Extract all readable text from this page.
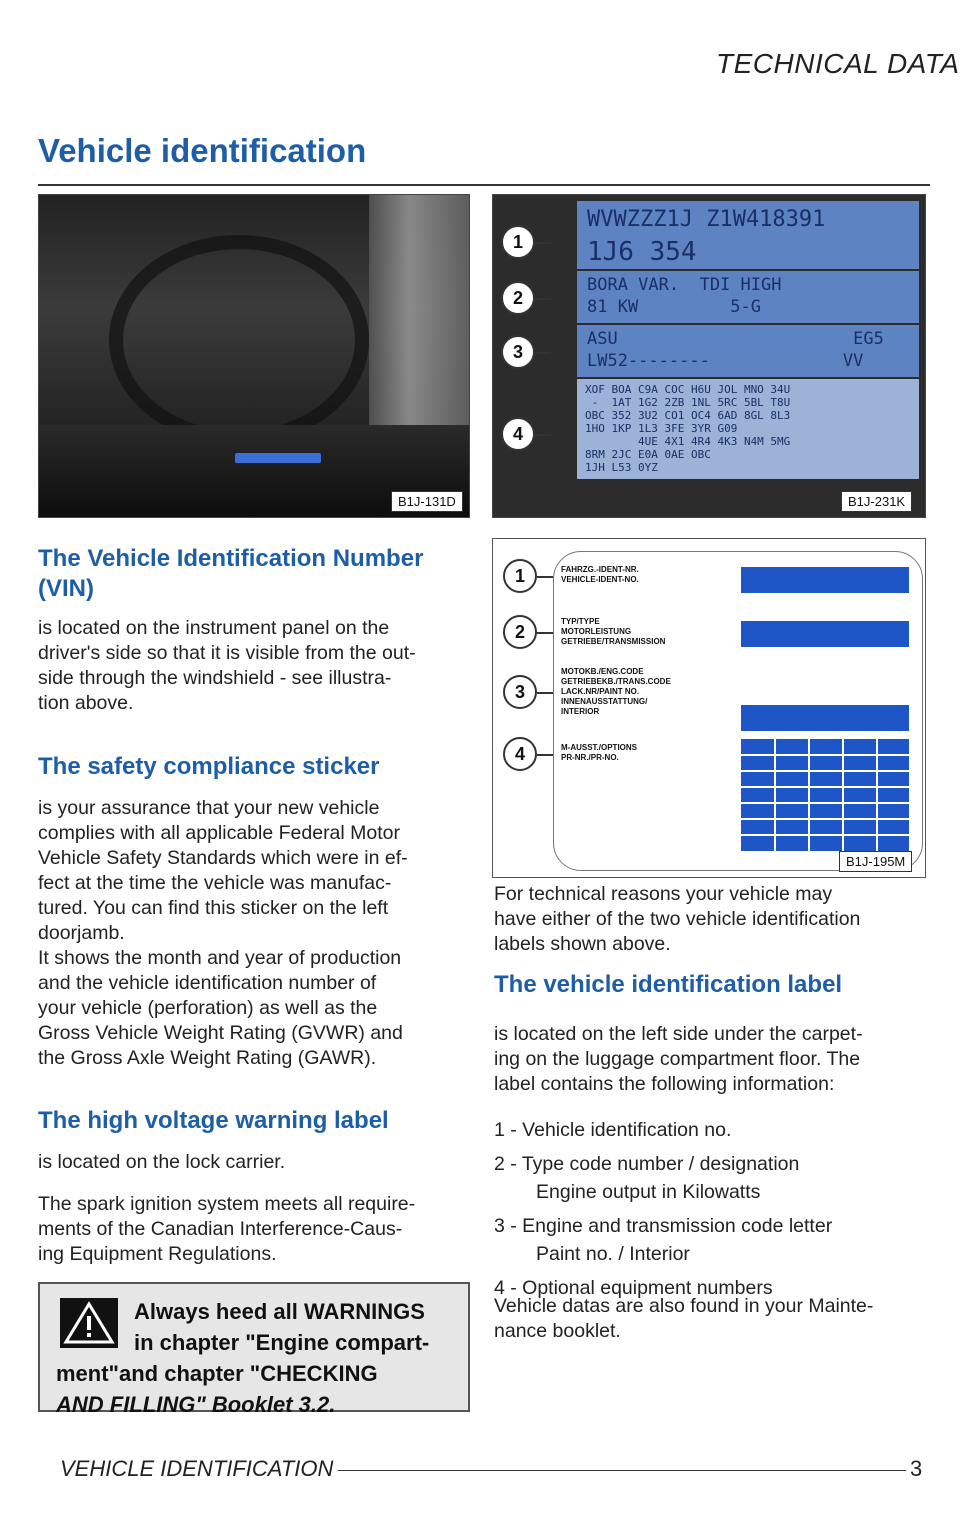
TECHNICAL DATA
Vehicle identification
B1J-131D
WVWZZZ1J Z1W418391
1J6 354
BORA VAR.  TDI HIGH
81 KW         5-G
ASU                       EG5
LW52--------             VV
XOF BOA C9A COC H6U JOL MNO 34U
-  1AT 1G2 2ZB 1NL 5RC 5BL T8U
OBC 352 3U2 CO1 OC4 6AD 8GL 8L3
1HO 1KP 1L3 3FE 3YR G09
4UE 4X1 4R4 4K3 N4M 5MG
8RM 2JC E0A 0AE OBC
1JH L53 0YZ
1
2
3
4
B1J-231K
1
2
3
4
FAHRZG.-IDENT-NR.
VEHICLE-IDENT-NO.
TYP/TYPE
MOTORLEISTUNG
GETRIEBE/TRANSMISSION
MOTOKB./ENG.CODE
GETRIEBEKB./TRANS.CODE
LACK.NR/PAINT NO.
INNENAUSSTATTUNG/
INTERIOR
M-AUSST./OPTIONS
PR-NR./PR-NO.
B1J-195M
The Vehicle Identification Number (VIN)
is located on the instrument panel on the
driver's side so that it is visible from the out-
side through the windshield - see illustra-
tion above.
The safety compliance sticker
is your assurance that your new vehicle
complies with all applicable Federal Motor
Vehicle Safety Standards which were in ef-
fect at the time the vehicle was manufac-
tured. You can find this sticker on the left
doorjamb.
It shows the month and year of production
and the vehicle identification number of
your vehicle (perforation) as well as the
Gross Vehicle Weight Rating (GVWR) and
the Gross Axle Weight Rating (GAWR).
The high voltage warning label
is located on the lock carrier.
The spark ignition system meets all require-
ments of the Canadian Interference-Caus-
ing Equipment Regulations.
Always heed all WARNINGS
in chapter "Engine compart-
ment"and chapter "CHECKING
AND FILLING" Booklet 3.2.
For technical reasons your vehicle may
have either of the two vehicle identification
labels shown above.
The vehicle identification label
is located on the left side under the carpet-
ing on the luggage compartment floor. The
label contains the following information:
1 - Vehicle identification no.
2 - Type code number / designation
Engine output in Kilowatts
3 - Engine and transmission code letter
Paint no. / Interior
4 - Optional equipment numbers
Vehicle datas are also found in your Mainte-
nance booklet.
VEHICLE IDENTIFICATION	3
